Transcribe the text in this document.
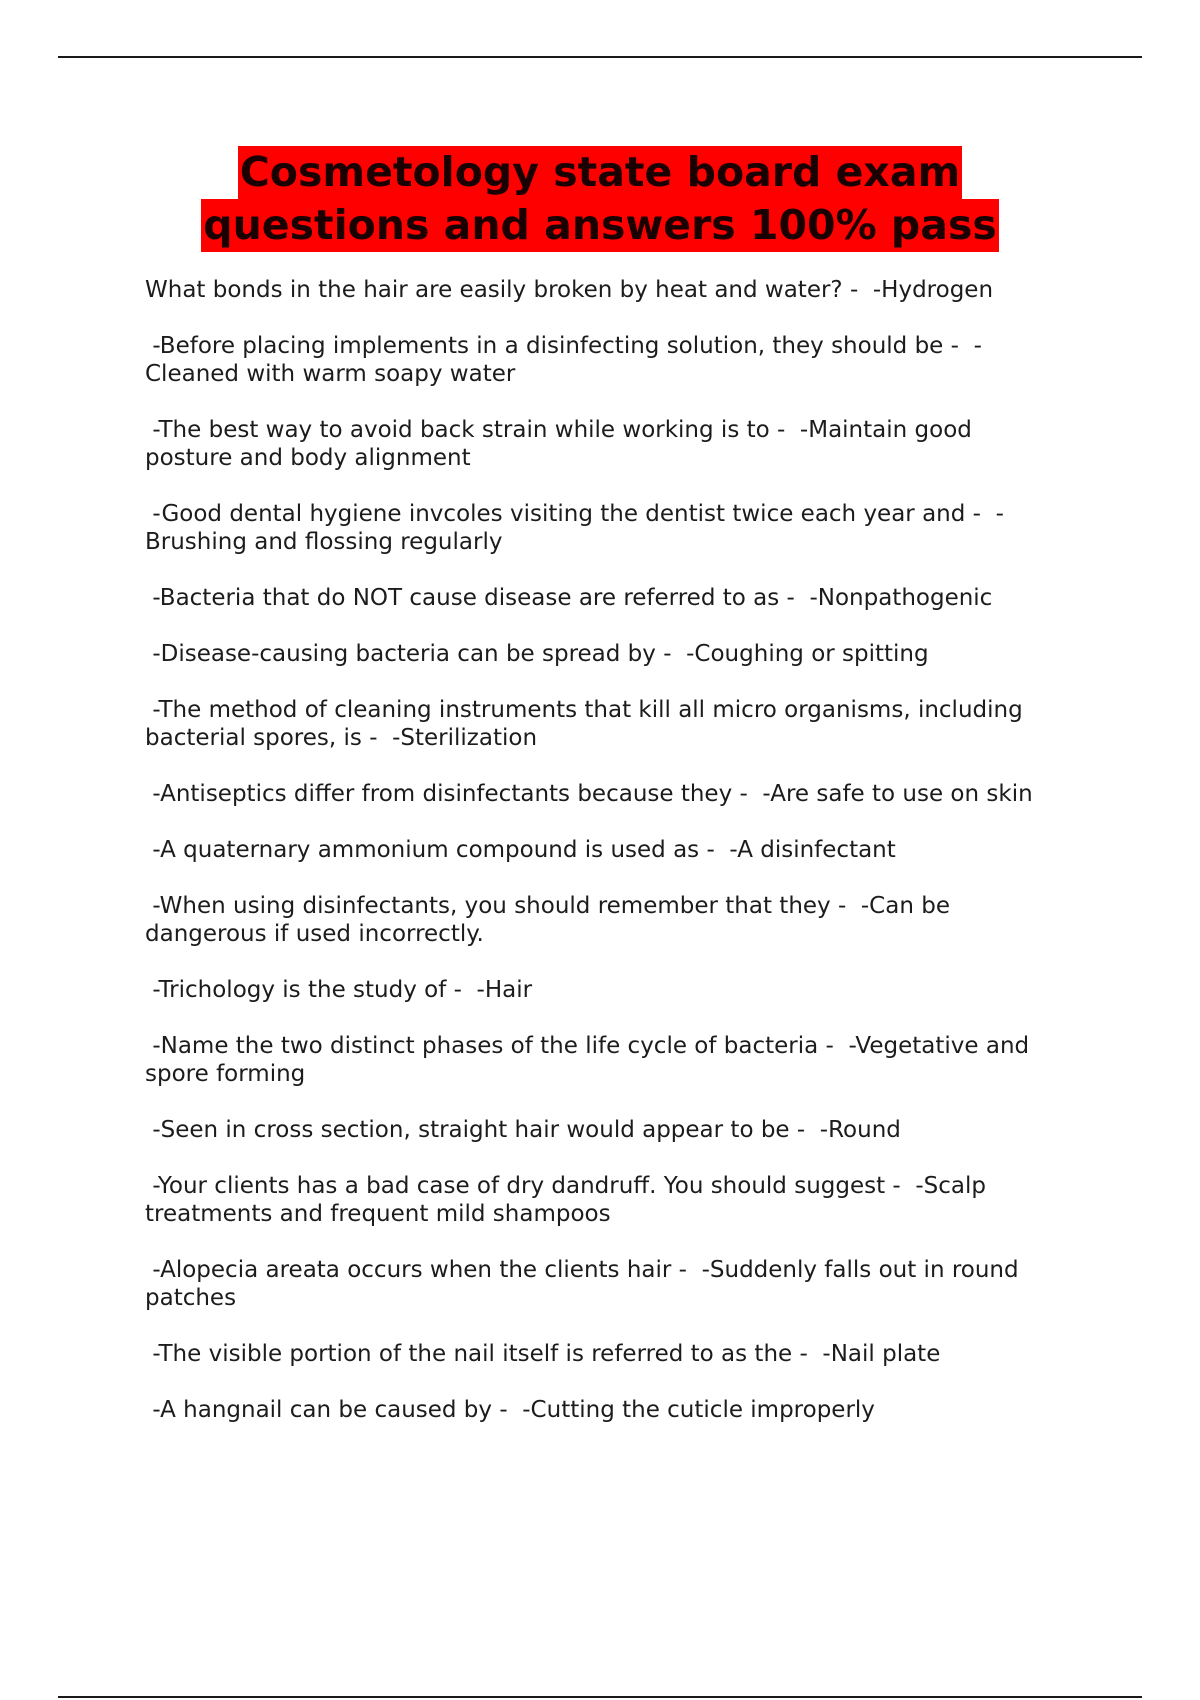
Cosmetology state board exam
questions and answers 100% pass
What bonds in the hair are easily broken by heat and water? -  -Hydrogen
-Before placing implements in a disinfecting solution, they should be -  -
Cleaned with warm soapy water
-The best way to avoid back strain while working is to -  -Maintain good
posture and body alignment
-Good dental hygiene invcoles visiting the dentist twice each year and -  -
Brushing and flossing regularly
-Bacteria that do NOT cause disease are referred to as -  -Nonpathogenic
-Disease-causing bacteria can be spread by -  -Coughing or spitting
-The method of cleaning instruments that kill all micro organisms, including
bacterial spores, is -  -Sterilization
-Antiseptics differ from disinfectants because they -  -Are safe to use on skin
-A quaternary ammonium compound is used as -  -A disinfectant
-When using disinfectants, you should remember that they -  -Can be
dangerous if used incorrectly.
-Trichology is the study of -  -Hair
-Name the two distinct phases of the life cycle of bacteria -  -Vegetative and
spore forming
-Seen in cross section, straight hair would appear to be -  -Round
-Your clients has a bad case of dry dandruff. You should suggest -  -Scalp
treatments and frequent mild shampoos
-Alopecia areata occurs when the clients hair -  -Suddenly falls out in round
patches
-The visible portion of the nail itself is referred to as the -  -Nail plate
-A hangnail can be caused by -  -Cutting the cuticle improperly
